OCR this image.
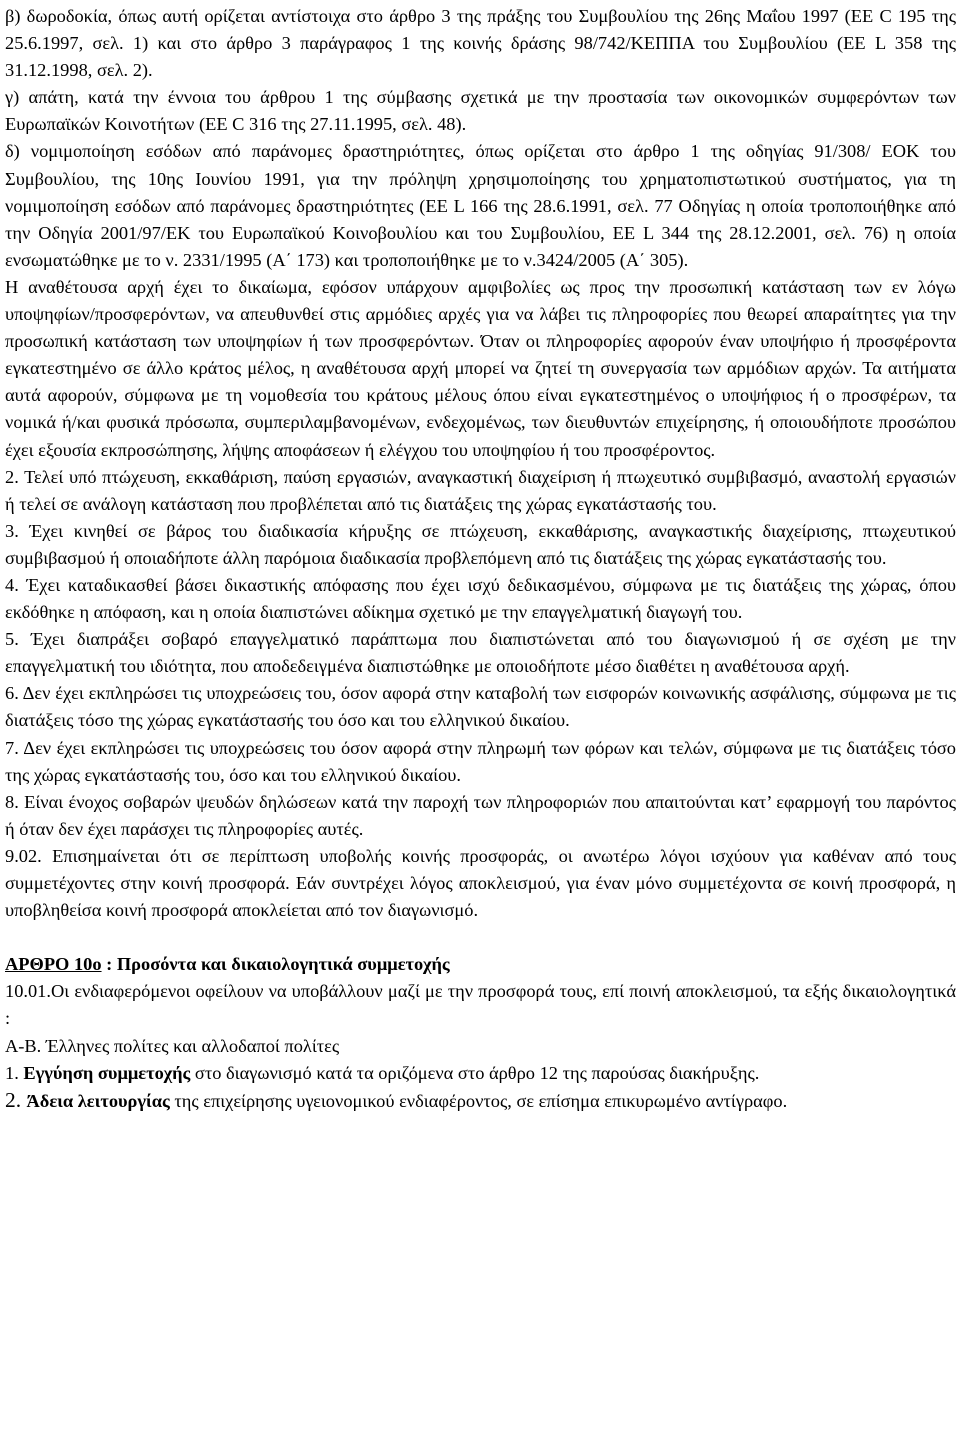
β) δωροδοκία, όπως αυτή ορίζεται αντίστοιχα στο άρθρο 3 της πράξης του Συμβουλίου της 26ης Μαΐου 1997 (ΕΕ C 195 της 25.6.1997, σελ. 1) και στο άρθρο 3 παράγραφος 1 της κοινής δράσης 98/742/ΚΕΠΠΑ του Συμβουλίου (ΕΕ L 358 της 31.12.1998, σελ. 2).

γ) απάτη, κατά την έννοια του άρθρου 1 της σύμβασης σχετικά με την προστασία των οικονομικών συμφερόντων των Ευρωπαϊκών Κοινοτήτων (ΕΕ C 316 της 27.11.1995, σελ. 48).

δ) νομιμοποίηση εσόδων από παράνομες δραστηριότητες, όπως ορίζεται στο άρθρο 1 της οδηγίας 91/308/ ΕΟΚ του Συμβουλίου, της 10ης Ιουνίου 1991, για την πρόληψη χρησιμοποίησης του χρηματοπιστωτικού συστήματος, για τη νομιμοποίηση εσόδων από παράνομες δραστηριότητες (ΕΕ L 166 της 28.6.1991, σελ. 77 Οδηγίας η οποία τροποποιήθηκε από την Οδηγία 2001/97/ΕΚ του Ευρωπαϊκού Κοινοβουλίου και του Συμβουλίου, ΕΕ L 344 της 28.12.2001, σελ. 76) η οποία ενσωματώθηκε με το ν. 2331/1995 (Α΄ 173) και τροποποιήθηκε με το ν.3424/2005 (Α΄ 305).

Η αναθέτουσα αρχή έχει το δικαίωμα, εφόσον υπάρχουν αμφιβολίες ως προς την προσωπική κατάσταση των εν λόγω υποψηφίων/προσφερόντων, να απευθυνθεί στις αρμόδιες αρχές για να λάβει τις πληροφορίες που θεωρεί απαραίτητες για την προσωπική κατάσταση των υποψηφίων ή των προσφερόντων. Όταν οι πληροφορίες αφορούν έναν υποψήφιο ή προσφέροντα εγκατεστημένο σε άλλο κράτος μέλος, η αναθέτουσα αρχή μπορεί να ζητεί τη συνεργασία των αρμόδιων αρχών. Τα αιτήματα αυτά αφορούν, σύμφωνα με τη νομοθεσία του κράτους μέλους όπου είναι εγκατεστημένος ο υποψήφιος ή ο προσφέρων, τα νομικά ή/και φυσικά πρόσωπα, συμπεριλαμβανομένων, ενδεχομένως, των διευθυντών επιχείρησης, ή οποιουδήποτε προσώπου έχει εξουσία εκπροσώπησης, λήψης αποφάσεων ή ελέγχου του υποψηφίου ή του προσφέροντος.

2. Τελεί υπό πτώχευση, εκκαθάριση, παύση εργασιών, αναγκαστική διαχείριση ή πτωχευτικό συμβιβασμό, αναστολή εργασιών ή τελεί σε ανάλογη κατάσταση που προβλέπεται από τις διατάξεις της χώρας εγκατάστασής του.

3. Έχει κινηθεί σε βάρος του διαδικασία κήρυξης σε πτώχευση, εκκαθάρισης, αναγκαστικής διαχείρισης, πτωχευτικού συμβιβασμού ή οποιαδήποτε άλλη παρόμοια διαδικασία προβλεπόμενη από τις διατάξεις της χώρας εγκατάστασής του.

4. Έχει καταδικασθεί βάσει δικαστικής απόφασης που έχει ισχύ δεδικασμένου, σύμφωνα με τις διατάξεις της χώρας, όπου εκδόθηκε η απόφαση, και η οποία διαπιστώνει αδίκημα σχετικό με την επαγγελματική διαγωγή του.

5. Έχει διαπράξει σοβαρό επαγγελματικό παράπτωμα που διαπιστώνεται από του διαγωνισμού ή σε σχέση με την επαγγελματική του ιδιότητα, που αποδεδειγμένα διαπιστώθηκε με οποιοδήποτε μέσο διαθέτει η αναθέτουσα αρχή.

6. Δεν έχει εκπληρώσει τις υποχρεώσεις του, όσον αφορά στην καταβολή των εισφορών κοινωνικής ασφάλισης, σύμφωνα με τις διατάξεις τόσο της χώρας εγκατάστασής του όσο και του ελληνικού δικαίου.

7. Δεν έχει εκπληρώσει τις υποχρεώσεις του όσον αφορά στην πληρωμή των φόρων και τελών, σύμφωνα με τις διατάξεις τόσο της χώρας εγκατάστασής του, όσο και του ελληνικού δικαίου.

8. Είναι ένοχος σοβαρών ψευδών δηλώσεων κατά την παροχή των πληροφοριών που απαιτούνται κατ’ εφαρμογή του παρόντος ή όταν δεν έχει παράσχει τις πληροφορίες αυτές.

9.02. Επισημαίνεται ότι σε περίπτωση υποβολής κοινής προσφοράς, οι ανωτέρω λόγοι ισχύουν για καθέναν από τους συμμετέχοντες στην κοινή προσφορά. Εάν συντρέχει λόγος αποκλεισμού, για έναν μόνο συμμετέχοντα σε κοινή προσφορά, η υποβληθείσα κοινή προσφορά αποκλείεται από τον διαγωνισμό.

ΑΡΘΡΟ 10ο : Προσόντα και δικαιολογητικά συμμετοχής

10.01.Οι ενδιαφερόμενοι οφείλουν να υποβάλλουν μαζί με την προσφορά τους, επί ποινή αποκλεισμού, τα εξής δικαιολογητικά :

Α-Β. Έλληνες πολίτες και αλλοδαποί πολίτες

1. Εγγύηση συμμετοχής στο διαγωνισμό κατά τα οριζόμενα στο άρθρο 12 της παρούσας διακήρυξης.

2. Άδεια λειτουργίας της επιχείρησης υγειονομικού ενδιαφέροντος, σε επίσημα επικυρωμένο αντίγραφο.
